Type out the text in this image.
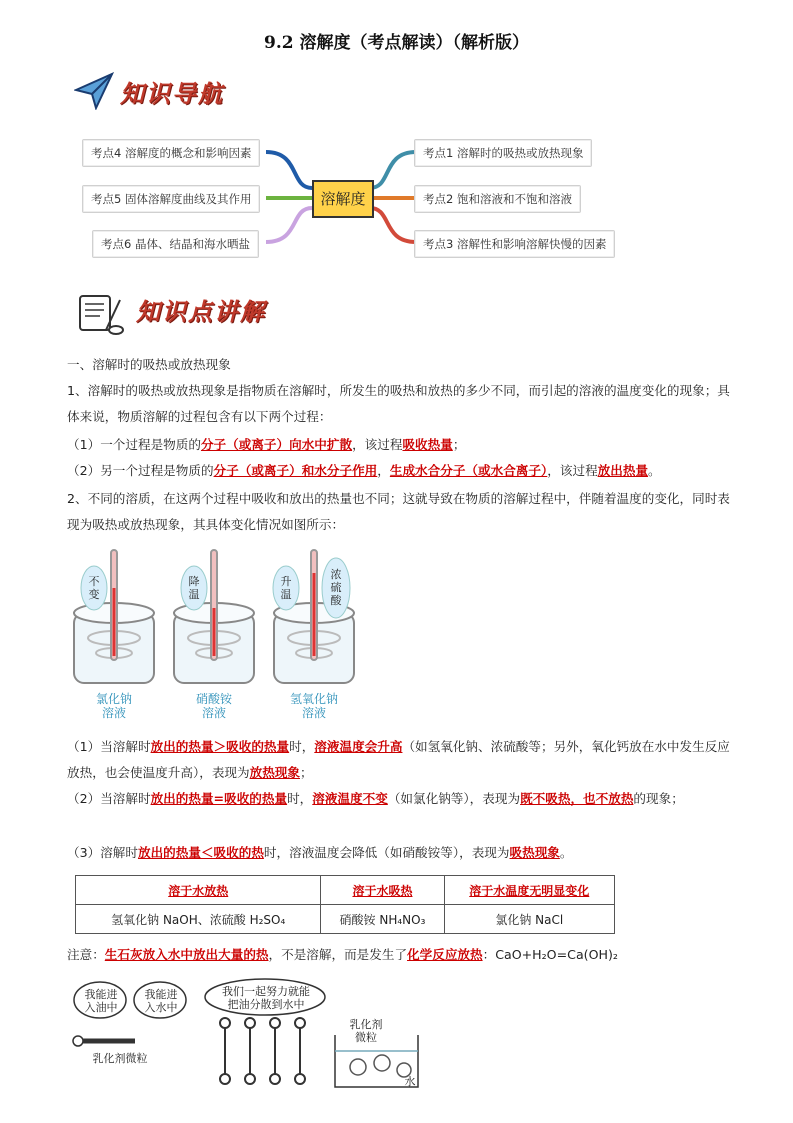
9.2 溶解度（考点解读）（解析版）
知识导航
溶解度
考点4 溶解度的概念和影响因素
考点5 固体溶解度曲线及其作用
考点6 晶体、结晶和海水晒盐
考点1 溶解时的吸热或放热现象
考点2 饱和溶液和不饱和溶液
考点3 溶解性和影响溶解快慢的因素
知识点讲解
一、溶解时的吸热或放热现象
1、溶解时的吸热或放热现象是指物质在溶解时，所发生的吸热和放热的多少不同，而引起的溶液的温度变化的现象；具体来说，物质溶解的过程包含有以下两个过程：
（1）一个过程是物质的分子（或离子）向水中扩散，该过程吸收热量；
（2）另一个过程是物质的分子（或离子）和水分子作用，生成水合分子（或水合离子），该过程放出热量。
2、不同的溶质，在这两个过程中吸收和放出的热量也不同；这就导致在物质的溶解过程中，伴随着温度的变化，同时表现为吸热或放热现象，其具体变化情况如图所示：
不
变
降
温
升
温
浓
硫
酸
氯化钠
溶液
硝酸铵
溶液
氢氧化钠
溶液
（1）当溶解时放出的热量＞吸收的热量时，溶液温度会升高（如氢氧化钠、浓硫酸等；另外，氧化钙放在水中发生反应放热，也会使温度升高），表现为放热现象；
（2）当溶解时放出的热量=吸收的热量时，溶液温度不变（如氯化钠等），表现为既不吸热，也不放热的现象；
（3）溶解时放出的热量＜吸收的热时，溶液温度会降低（如硝酸铵等），表现为吸热现象。
溶于水放热	溶于水吸热	溶于水温度无明显变化
氢氧化钠 NaOH、浓硫酸 H₂SO₄	硝酸铵 NH₄NO₃	氯化钠 NaCl
注意：生石灰放入水中放出大量的热，不是溶解，而是发生了化学反应放热：CaO+H₂O=Ca(OH)₂
我能进
入油中
我能进
入水中
我们一起努力就能
把油分散到水中
乳化剂微粒
乳化剂
微粒
水
